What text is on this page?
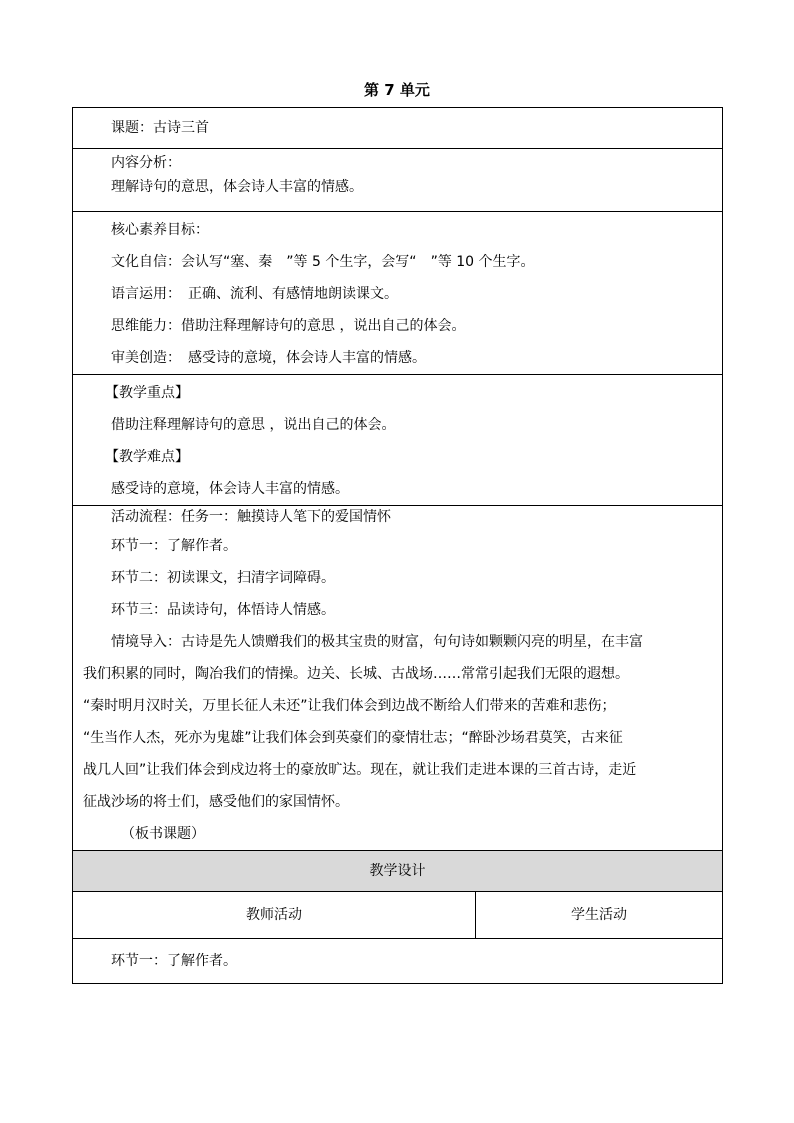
第 7 单元
课题：古诗三首

内容分析：
理解诗句的意思，体会诗人丰富的情感。

核心素养目标：
文化自信：会认写“塞、秦　”等 5 个生字，会写“　”等 10 个生字。
语言运用：　正确、流利、有感情地朗读课文。
思维能力：借助注释理解诗句的意思 ，说出自己的体会。
审美创造：　感受诗的意境，体会诗人丰富的情感。

【教学重点】
借助注释理解诗句的意思 ，说出自己的体会。
【教学难点】
感受诗的意境，体会诗人丰富的情感。

活动流程：任务一：触摸诗人笔下的爱国情怀
环节一：了解作者。
环节二：初读课文，扫清字词障碍。
环节三：品读诗句，体悟诗人情感。
情境导入：古诗是先人馈赠我们的极其宝贵的财富，句句诗如颗颗闪亮的明星，在丰富
我们积累的同时，陶冶我们的情操。边关、长城、古战场……常常引起我们无限的遐想。
“秦时明月汉时关，万里长征人未还”让我们体会到边战不断给人们带来的苦难和悲伤；
“生当作人杰，死亦为鬼雄”让我们体会到英豪们的豪情壮志；“醉卧沙场君莫笑，古来征
战几人回”让我们体会到戍边将士的豪放旷达。现在，就让我们走进本课的三首古诗，走近
征战沙场的将士们，感受他们的家国情怀。
（板书课题）

教学设计
教师活动	学生活动

环节一：了解作者。
